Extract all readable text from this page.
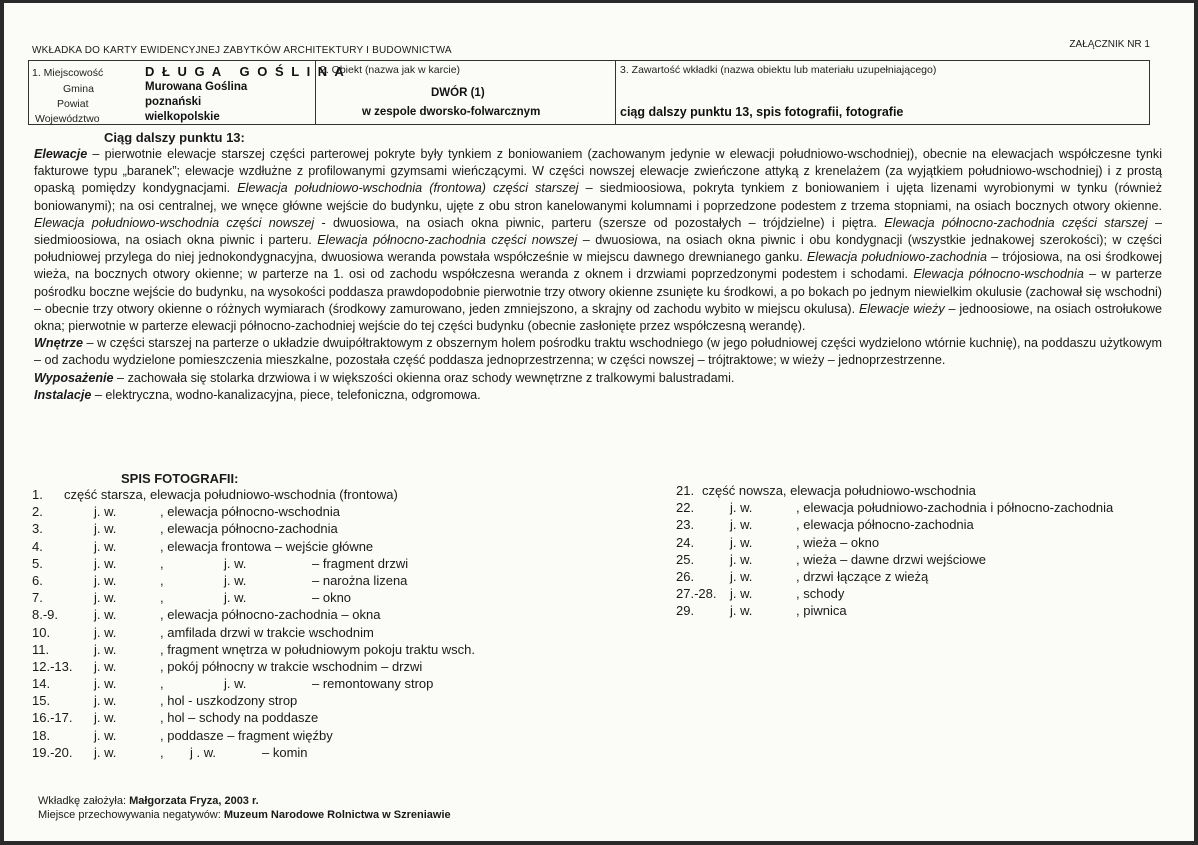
WKŁADKA DO KARTY EWIDENCYJNEJ ZABYTKÓW ARCHITEKTURY I BUDOWNICTWA
ZAŁĄCZNIK NR 1
1. Miejscowość	D Ł U G A   G O Ś L I N A
Gmina	Murowana Goślina
Powiat	poznański
Województwo	wielkopolskie
2. Obiekt (nazwa jak w karcie)
DWÓR (1)
w zespole dworsko-folwarcznym
3. Zawartość wkładki (nazwa obiektu lub materiału uzupełniającego)
ciąg dalszy punktu 13, spis fotografii, fotografie
Ciąg dalszy punktu 13:

Elewacje – pierwotnie elewacje starszej części parterowej pokryte były tynkiem z boniowaniem (zachowanym jedynie w elewacji południowo-wschodniej), obecnie na elewacjach współczesne tynki fakturowe typu „baranek”; elewacje wzdłużne z profilowanymi gzymsami wieńczącymi. W części nowszej elewacje zwieńczone attyką z krenelażem (za wyjątkiem południowo-wschodniej) i z prostą opaską pomiędzy kondygnacjami. Elewacja południowo-wschodnia (frontowa) części starszej – siedmioosiowa, pokryta tynkiem z boniowaniem i ujęta lizenami wyrobionymi w tynku (również boniowanymi); na osi centralnej, we wnęce główne wejście do budynku, ujęte z obu stron kanelowanymi kolumnami i poprzedzone podestem z trzema stopniami, na osiach bocznych otwory okienne. Elewacja południowo-wschodnia części nowszej - dwuosiowa, na osiach okna piwnic, parteru (szersze od pozostałych – trójdzielne) i piętra. Elewacja północno-zachodnia części starszej – siedmioosiowa, na osiach okna piwnic i parteru. Elewacja północno-zachodnia części nowszej – dwuosiowa, na osiach okna piwnic i obu kondygnacji (wszystkie jednakowej szerokości); w części południowej przylega do niej jednokondygnacyjna, dwuosiowa weranda powstała współcześnie w miejscu dawnego drewnianego ganku. Elewacja południowo-zachodnia – trójosiowa, na osi środkowej wieża, na bocznych otwory okienne; w parterze na 1. osi od zachodu współczesna weranda z oknem i drzwiami poprzedzonymi podestem i schodami. Elewacja północno-wschodnia – w parterze pośrodku boczne wejście do budynku, na wysokości poddasza prawdopodobnie pierwotnie trzy otwory okienne zsunięte ku środkowi, a po bokach po jednym niewielkim okulusie (zachował się wschodni) – obecnie trzy otwory okienne o różnych wymiarach (środkowy zamurowano, jeden zmniejszono, a skrajny od zachodu wybito w miejscu okulusa). Elewacje wieży – jednoosiowe, na osiach ostrołukowe okna; pierwotnie w parterze elewacji północno-zachodniej wejście do tej części budynku (obecnie zasłonięte przez współczesną werandę).

Wnętrze – w części starszej na parterze o układzie dwuipółtraktowym z obszernym holem pośrodku traktu wschodniego (w jego południowej części wydzielono wtórnie kuchnię), na poddaszu użytkowym – od zachodu wydzielone pomieszczenia mieszkalne, pozostała część poddasza jednoprzestrzenna; w części nowszej – trójtraktowe; w wieży – jednoprzestrzenne.

Wyposażenie – zachowała się stolarka drzwiowa i w większości okienna oraz schody wewnętrzne z tralkowymi balustradami.

Instalacje – elektryczna, wodno-kanalizacyjna, piece, telefoniczna, odgromowa.

SPIS FOTOGRAFII:
1. część starsza, elewacja południowo-wschodnia (frontowa)
2.	j. w.	, elewacja północno-wschodnia
3.	j. w.	, elewacja północno-zachodnia
4.	j. w.	, elewacja frontowa – wejście główne
5.	j. w.	,	j. w.	– fragment drzwi
6.	j. w.	,	j. w.	– narożna lizena
7.	j. w.	,	j. w.	– okno
8.-9.	j. w.	, elewacja północno-zachodnia – okna
10.	j. w.	, amfilada drzwi w trakcie wschodnim
11.	j. w.	, fragment wnętrza w południowym pokoju traktu wsch.
12.-13. j. w.	, pokój północny w trakcie wschodnim – drzwi
14.	j. w.	,	j. w.	– remontowany strop
15.	j. w.	, hol - uszkodzony strop
16.-17. j. w.	, hol – schody na poddasze
18.	j. w.	, poddasze – fragment więźby
19.-20. j. w.	, j . w.	– komin
21. część nowsza, elewacja południowo-wschodnia
22.	j. w.	, elewacja południowo-zachodnia i północno-zachodnia
23.	j. w.	, elewacja północno-zachodnia
24.	j. w.	, wieża – okno
25.	j. w.	, wieża – dawne drzwi wejściowe
26.	j. w.	, drzwi łączące z wieżą
27.-28. j. w.	, schody
29.	j. w.	, piwnica
Wkładkę założyła: Małgorzata Fryza, 2003 r.
Miejsce przechowywania negatywów: Muzeum Narodowe Rolnictwa w Szreniawie
